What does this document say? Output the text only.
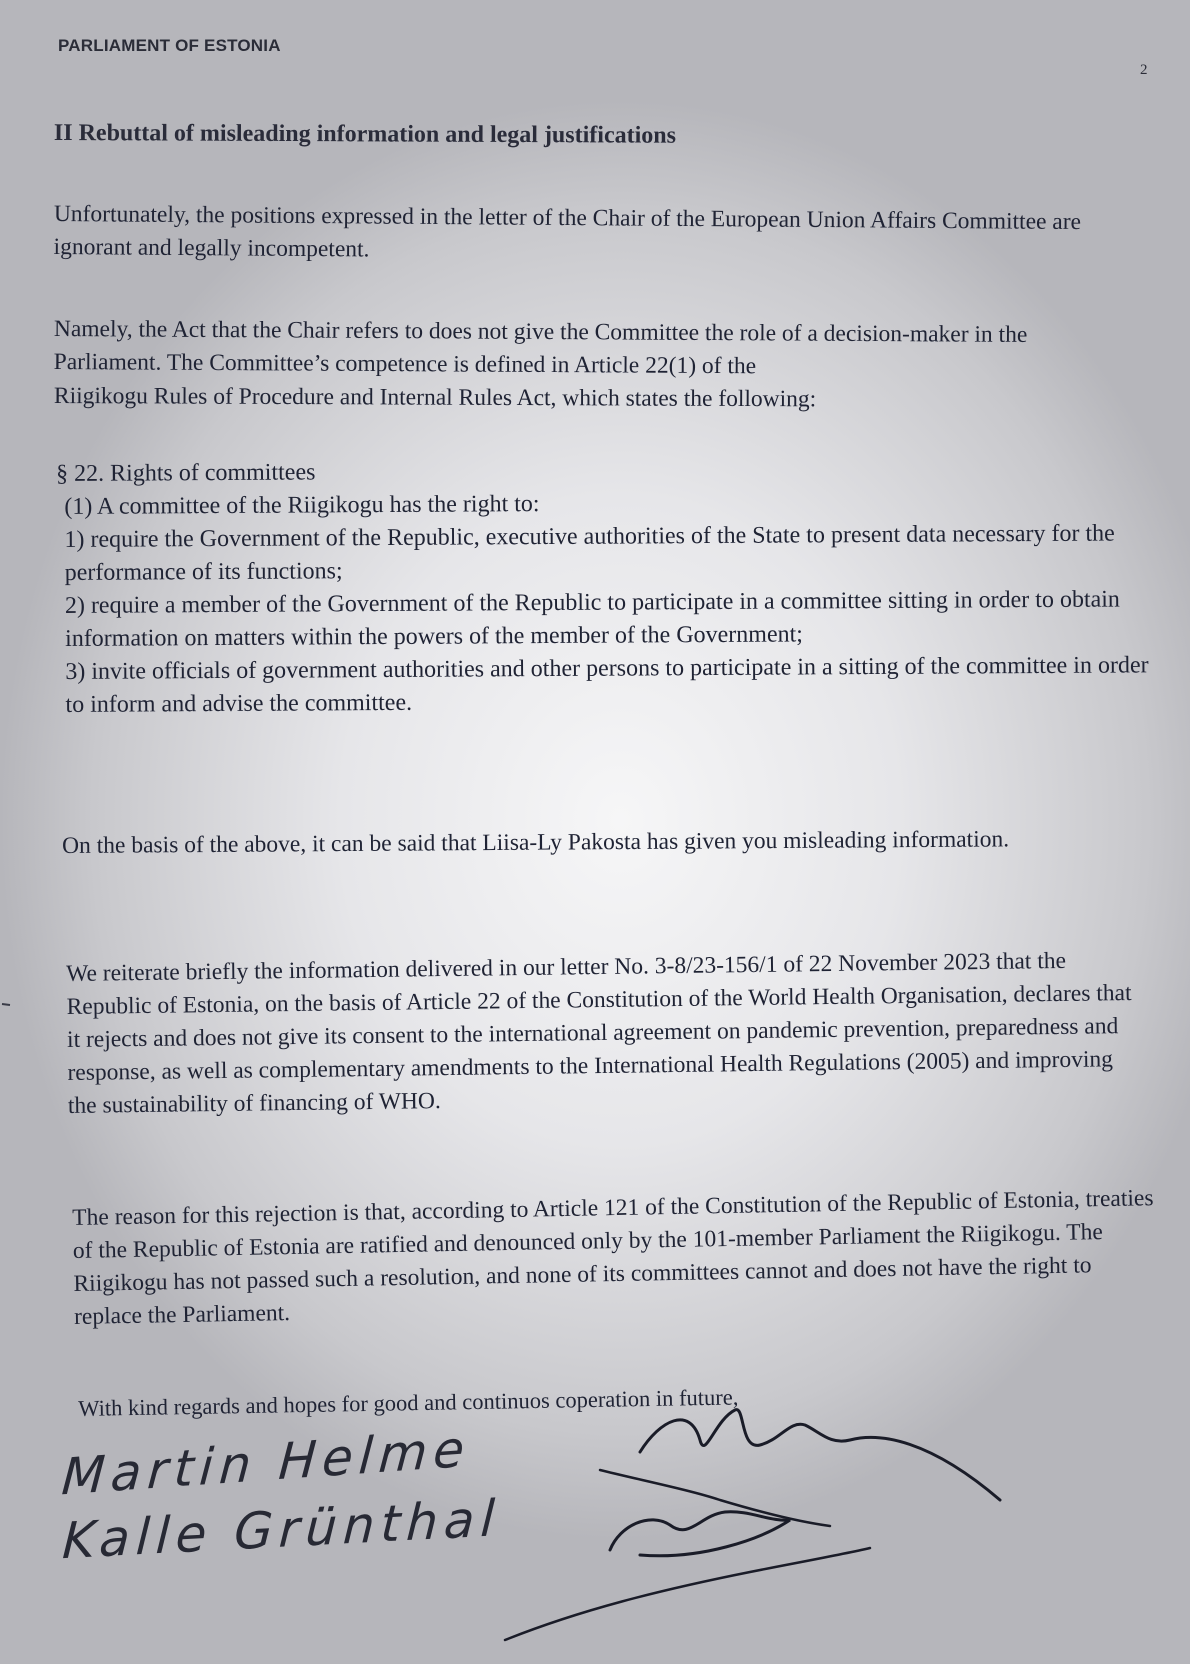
PARLIAMENT OF ESTONIA
2
II Rebuttal of misleading information and legal justifications

Unfortunately, the positions expressed in the letter of the Chair of the European Union Affairs Committee are ignorant and legally incompetent.

Namely, the Act that the Chair refers to does not give the Committee the role of a decision-maker in the Parliament. The Committee’s competence is defined in Article 22(1) of the

Riigikogu Rules of Procedure and Internal Rules Act, which states the following:

§ 22. Rights of committees

(1) A committee of the Riigikogu has the right to:

1) require the Government of the Republic, executive authorities of the State to present data necessary for the performance of its functions;

2) require a member of the Government of the Republic to participate in a committee sitting in order to obtain information on matters within the powers of the member of the Government;

3) invite officials of government authorities and other persons to participate in a sitting of the committee in order to inform and advise the committee.

On the basis of the above, it can be said that Liisa-Ly Pakosta has given you misleading information.

We reiterate briefly the information delivered in our letter No. 3-8/23-156/1 of 22 November 2023 that the Republic of Estonia, on the basis of Article 22 of the Constitution of the World Health Organisation, declares that it rejects and does not give its consent to the international agreement on pandemic prevention, preparedness and response, as well as complementary amendments to the International Health Regulations (2005) and improving the sustainability of financing of WHO.

The reason for this rejection is that, according to Article 121 of the Constitution of the Republic of Estonia, treaties of the Republic of Estonia are ratified and denounced only by the 101-member Parliament the Riigikogu. The Riigikogu has not passed such a resolution, and none of its committees cannot and does not have the right to replace the Parliament.

With kind regards and hopes for good and continuos coperation in future,

Martin Helme
Kalle Grünthal
